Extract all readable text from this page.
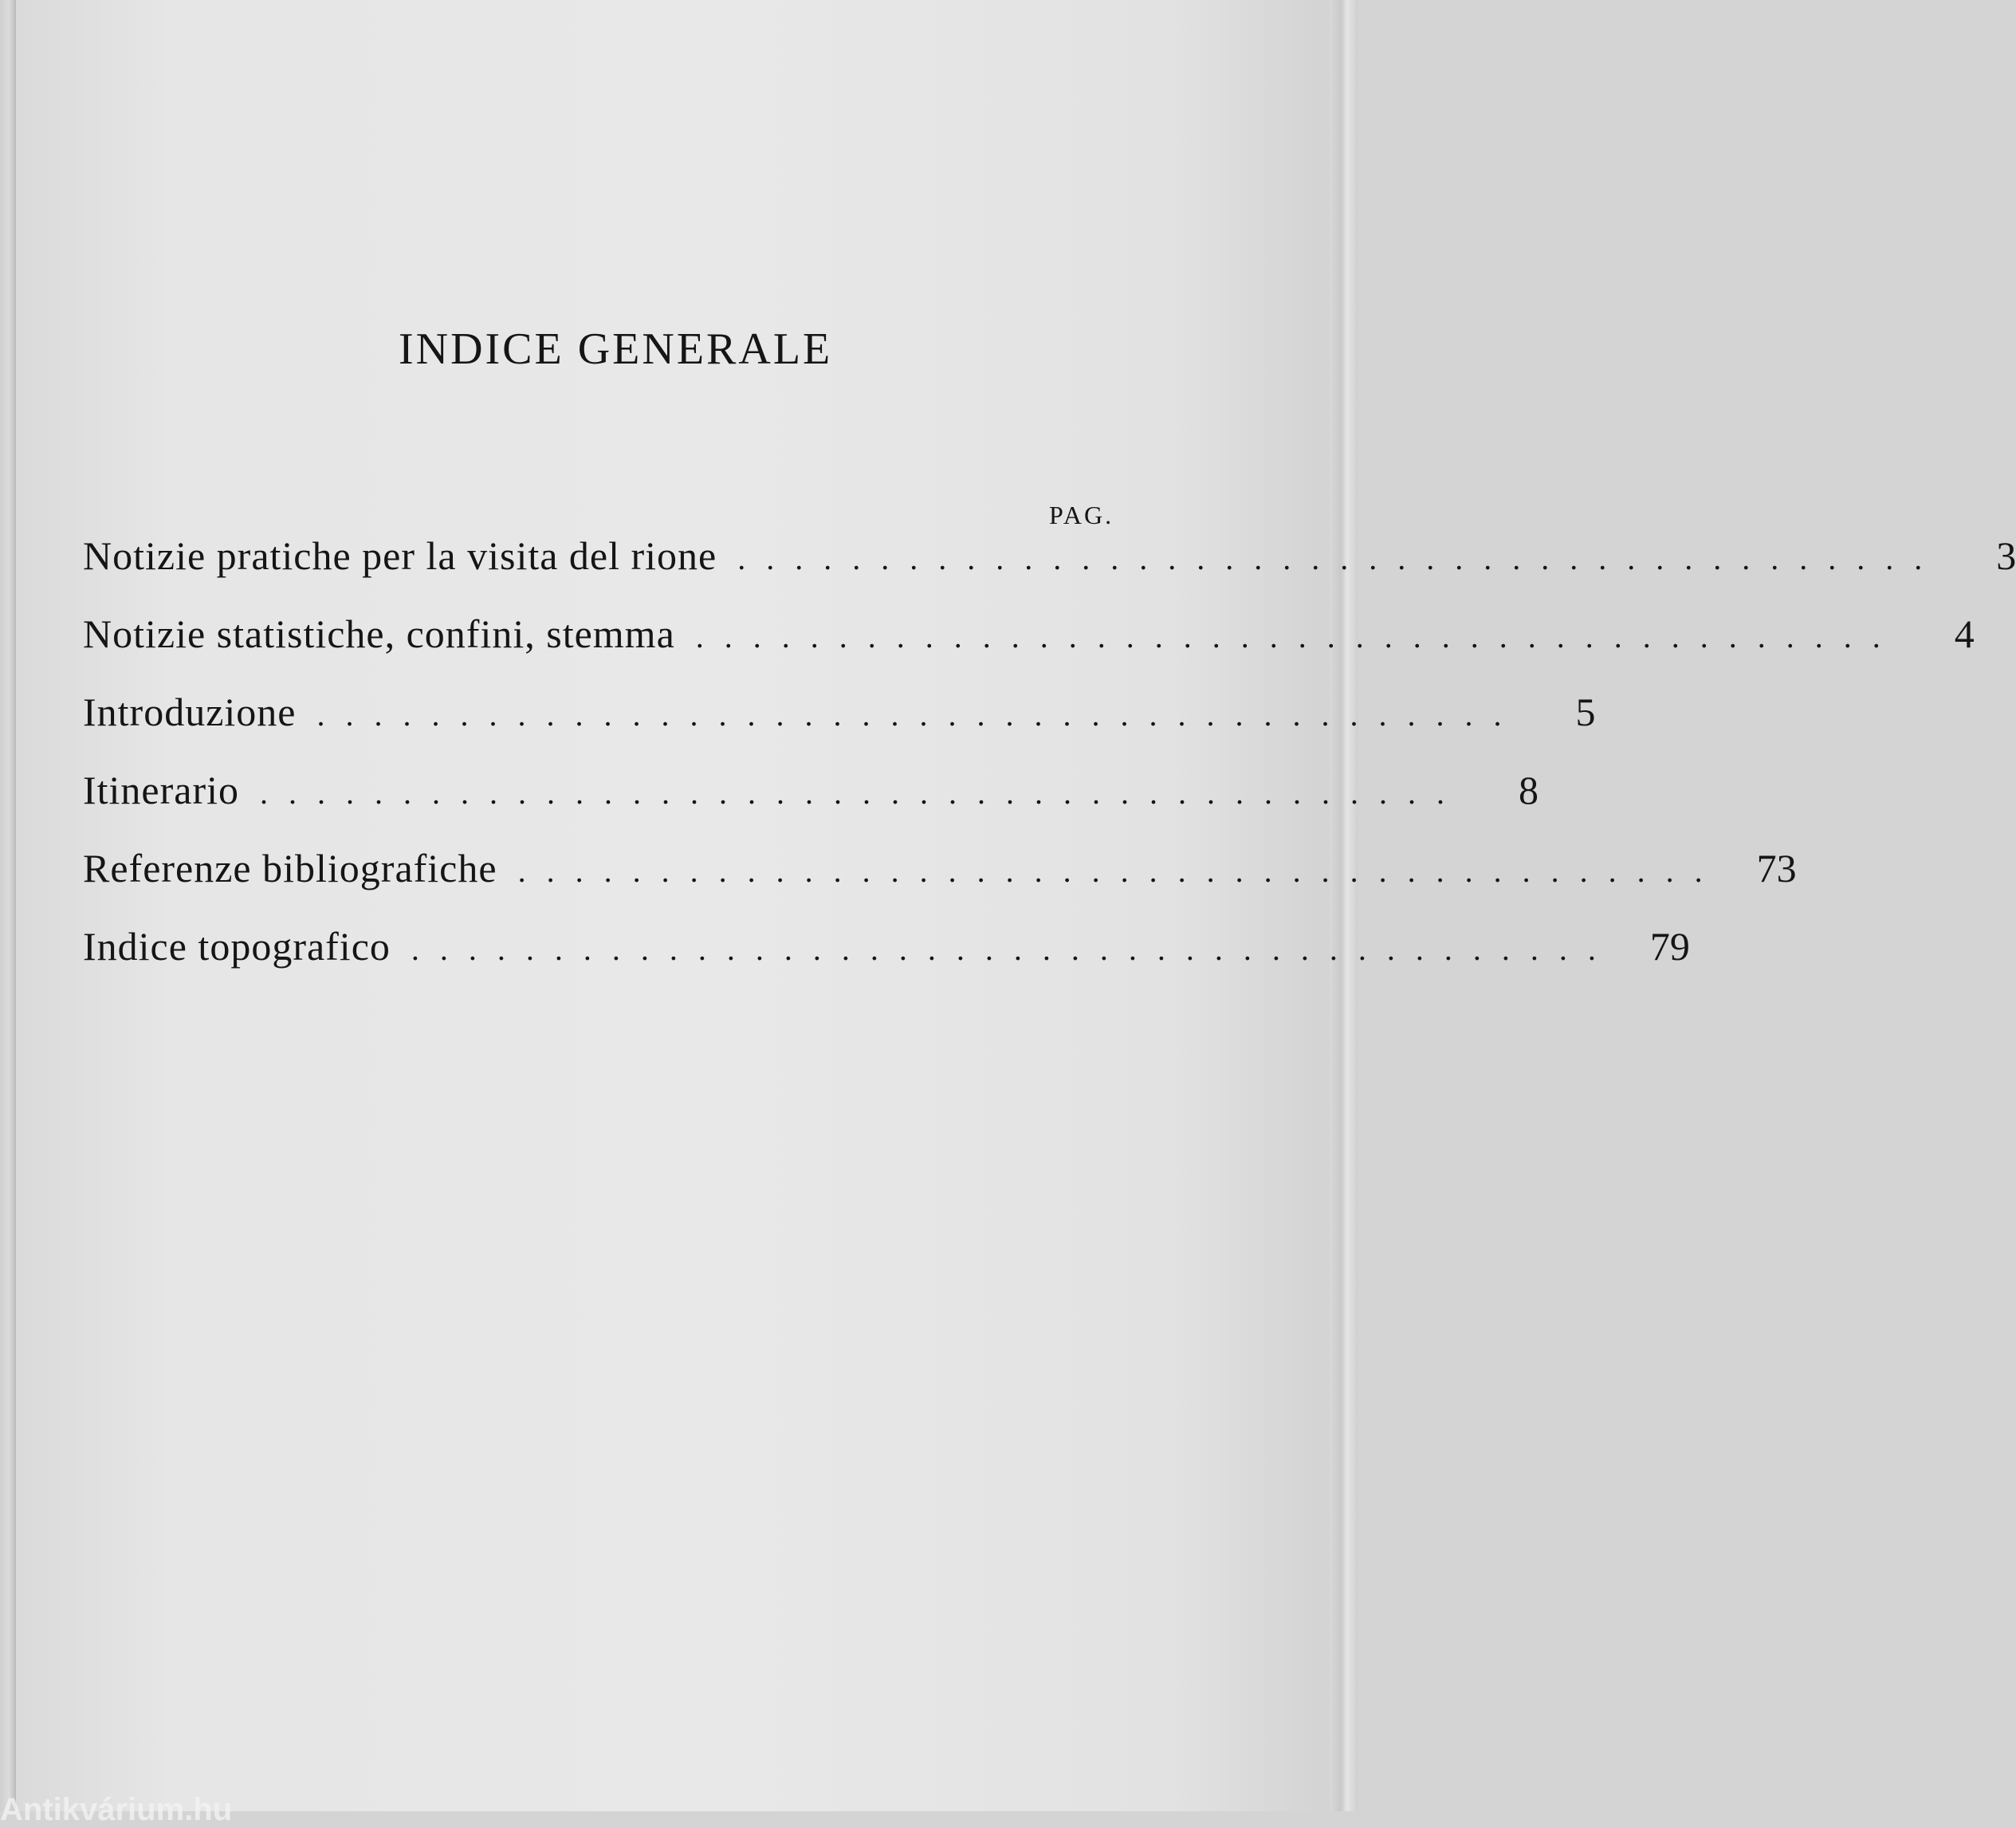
INDICE GENERALE
PAG.
Notizie pratiche per la visita del rione ..........................................	3
Notizie statistiche, confini, stemma ..........................................	4
Introduzione ..........................................	5
Itinerario ..........................................	8
Referenze bibliografiche .......................................... 73
Indice topografico .......................................... 79
Antikvárium.hu
